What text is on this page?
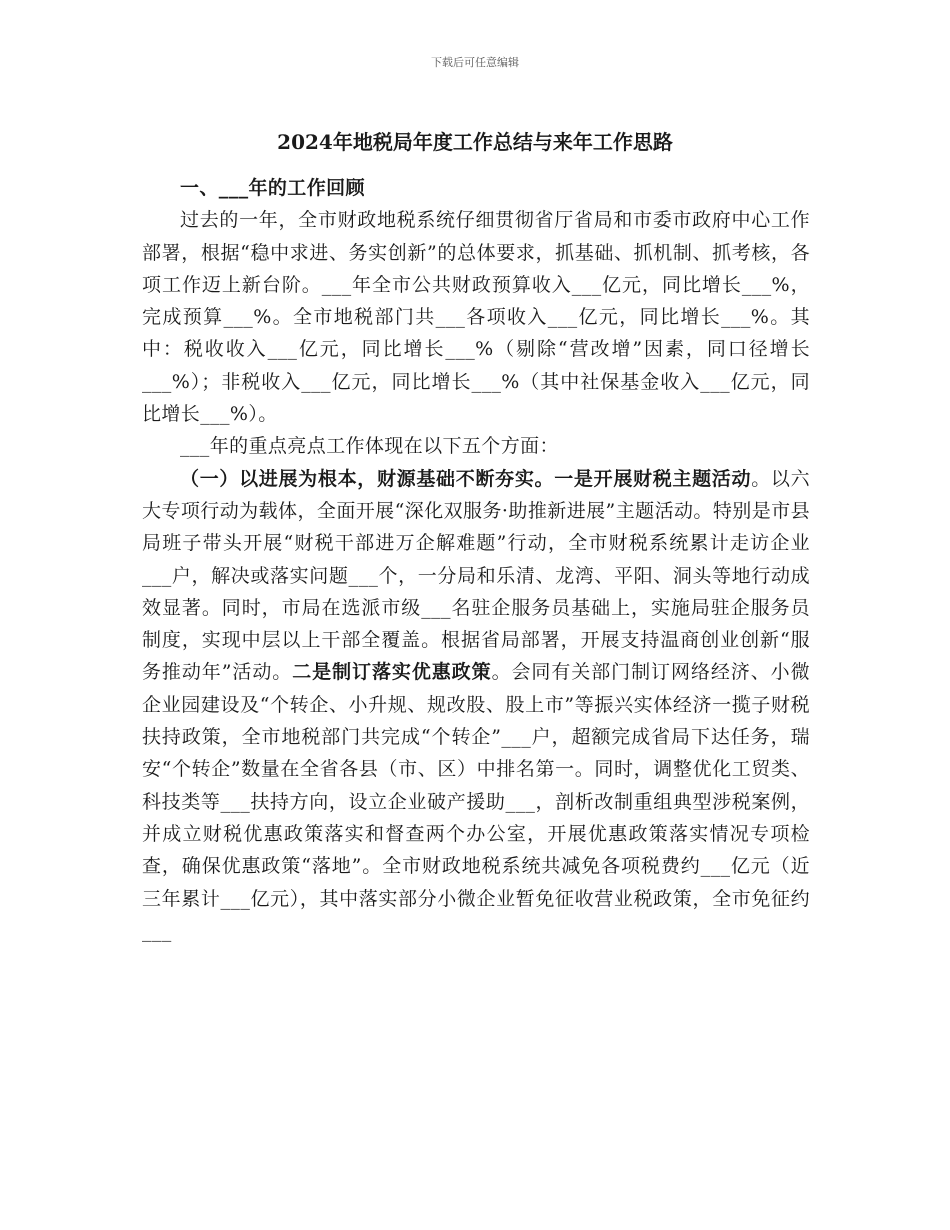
下载后可任意编辑
2024年地税局年度工作总结与来年工作思路
一、___年的工作回顾

过去的一年，全市财政地税系统仔细贯彻省厅省局和市委市政府中心工作部署，根据“稳中求进、务实创新”的总体要求，抓基础、抓机制、抓考核，各项工作迈上新台阶。___年全市公共财政预算收入___亿元，同比增长___%，完成预算___%。全市地税部门共___各项收入___亿元，同比增长___%。其中：税收收入___亿元，同比增长___%（剔除“营改增”因素，同口径增长___%）；非税收入___亿元，同比增长___%（其中社保基金收入___亿元，同比增长___%）。

___年的重点亮点工作体现在以下五个方面：

（一）以进展为根本，财源基础不断夯实。一是开展财税主题活动。以六大专项行动为载体，全面开展“深化双服务·助推新进展”主题活动。特别是市县局班子带头开展“财税干部进万企解难题”行动，全市财税系统累计走访企业___户，解决或落实问题___个，一分局和乐清、龙湾、平阳、洞头等地行动成效显著。同时，市局在选派市级___名驻企服务员基础上，实施局驻企服务员制度，实现中层以上干部全覆盖。根据省局部署，开展支持温商创业创新“服务推动年”活动。二是制订落实优惠政策。会同有关部门制订网络经济、小微企业园建设及“个转企、小升规、规改股、股上市”等振兴实体经济一揽子财税扶持政策，全市地税部门共完成“个转企”___户，超额完成省局下达任务，瑞安“个转企”数量在全省各县（市、区）中排名第一。同时，调整优化工贸类、科技类等___扶持方向，设立企业破产援助___，剖析改制重组典型涉税案例，并成立财税优惠政策落实和督查两个办公室，开展优惠政策落实情况专项检查，确保优惠政策“落地”。全市财政地税系统共减免各项税费约___亿元（近三年累计___亿元），其中落实部分小微企业暂免征收营业税政策，全市免征约___
